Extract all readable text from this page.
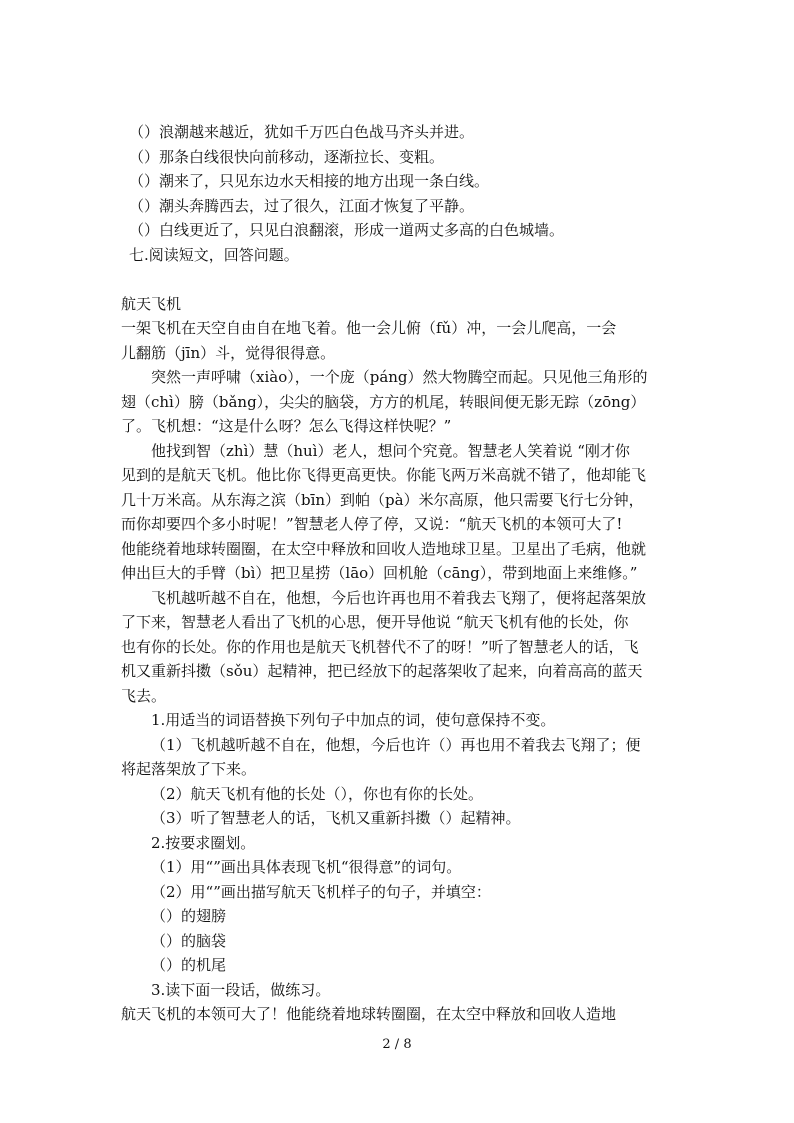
（）浪潮越来越近，犹如千万匹白色战马齐头并进。
（）那条白线很快向前移动，逐渐拉长、变粗。
（）潮来了，只见东边水天相接的地方出现一条白线。
（）潮头奔腾西去，过了很久，江面才恢复了平静。
（）白线更近了，只见白浪翻滚，形成一道两丈多高的白色城墙。
七.阅读短文，回答问题。
航天飞机
一架飞机在天空自由自在地飞着。他一会儿俯（fǔ）冲，一会儿爬高，一会
儿翻筋（jīn）斗，觉得很得意。
突然一声呼啸（xiào），一个庞（páng）然大物腾空而起。只见他三角形的
翅（chì）膀（bǎng），尖尖的脑袋，方方的机尾，转眼间便无影无踪（zōng）
了。飞机想：“这是什么呀？怎么飞得这样快呢？”
他找到智（zhì）慧（huì）老人，想问个究竟。智慧老人笑着说 “刚才你
见到的是航天飞机。他比你飞得更高更快。你能飞两万米高就不错了，他却能飞
几十万米高。从东海之滨（bīn）到帕（pà）米尔高原，他只需要飞行七分钟，
而你却要四个多小时呢！”智慧老人停了停，又说：“航天飞机的本领可大了!
他能绕着地球转圈圈，在太空中释放和回收人造地球卫星。卫星出了毛病，他就
伸出巨大的手臂（bì）把卫星捞（lāo）回机舱（cāng），带到地面上来维修。”
飞机越听越不自在，他想，今后也许再也用不着我去飞翔了，便将起落架放
了下来，智慧老人看出了飞机的心思，便开导他说 “航天飞机有他的长处，你
也有你的长处。你的作用也是航天飞机替代不了的呀！”听了智慧老人的话，飞
机又重新抖擞（sǒu）起精神，把已经放下的起落架收了起来，向着高高的蓝天
飞去。
1.用适当的词语替换下列句子中加点的词，使句意保持不变。
（1）飞机越听越不自在，他想，今后也许（）再也用不着我去飞翔了；便
将起落架放了下来。
（2）航天飞机有他的长处（），你也有你的长处。
（3）听了智慧老人的话，飞机又重新抖擞（）起精神。
2.按要求圈划。
（1）用“”画出具体表现飞机“很得意”的词句。
（2）用“”画出描写航天飞机样子的句子，并填空：
（）的翅膀
（）的脑袋
（）的机尾
3.读下面一段话，做练习。
航天飞机的本领可大了！他能绕着地球转圈圈，在太空中释放和回收人造地
2 / 8
